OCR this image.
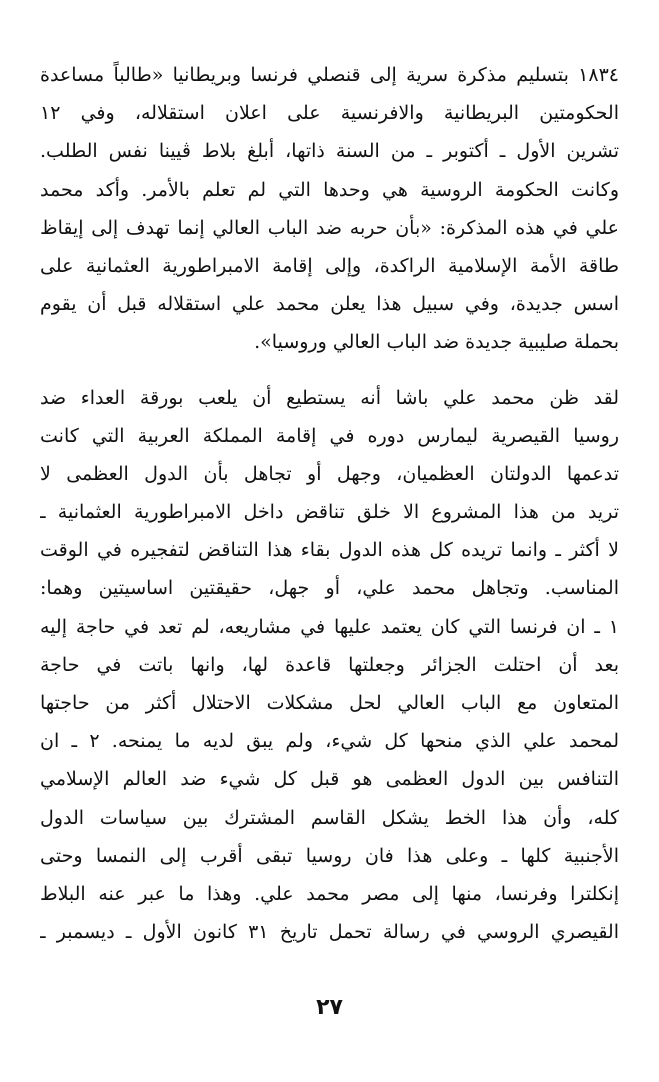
١٨٣٤ بتسليم مذكرة سرية إلى قنصلي فرنسا وبريطانيا «طالباً مساعدة
الحكومتين البريطانية والافرنسية على اعلان استقلاله، وفي ١٢
تشرين الأول ـ أكتوبر ـ من السنة ذاتها، أبلغ بلاط ڤيينا نفس الطلب.
وكانت الحكومة الروسية هي وحدها التي لم تعلم بالأمر. وأكد محمد
علي في هذه المذكرة: «بأن حربه ضد الباب العالي إنما تهدف إلى إيقاظ
طاقة الأمة الإسلامية الراكدة، وإلى إقامة الامبراطورية العثمانية على
اسس جديدة، وفي سبيل هذا يعلن محمد علي استقلاله قبل أن يقوم
بحملة صليبية جديدة ضد الباب العالي وروسيا».
لقد ظن محمد علي باشا أنه يستطيع أن يلعب بورقة العداء ضد
روسيا القيصرية ليمارس دوره في إقامة المملكة العربية التي كانت
تدعمها الدولتان العظميان، وجهل أو تجاهل بأن الدول العظمى لا
تريد من هذا المشروع الا خلق تناقض داخل الامبراطورية العثمانية ـ
لا أكثر ـ وانما تريده كل هذه الدول بقاء هذا التناقض لتفجيره في الوقت
المناسب. وتجاهل محمد علي، أو جهل، حقيقتين اساسيتين وهما:
١ ـ ان فرنسا التي كان يعتمد عليها في مشاريعه، لم تعد في حاجة إليه
بعد أن احتلت الجزائر وجعلتها قاعدة لها، وانها باتت في حاجة
المتعاون مع الباب العالي لحل مشكلات الاحتلال أكثر من حاجتها
لمحمد علي الذي منحها كل شيء، ولم يبق لديه ما يمنحه. ٢ ـ ان
التنافس بين الدول العظمى هو قبل كل شيء ضد العالم الإسلامي
كله، وأن هذا الخط يشكل القاسم المشترك بين سياسات الدول
الأجنبية كلها ـ وعلى هذا فان روسيا تبقى أقرب إلى النمسا وحتى
إنكلترا وفرنسا، منها إلى مصر محمد علي. وهذا ما عبر عنه البلاط
القيصري الروسي في رسالة تحمل تاريخ ٣١ كانون الأول ـ ديسمبر ـ
٢٧
